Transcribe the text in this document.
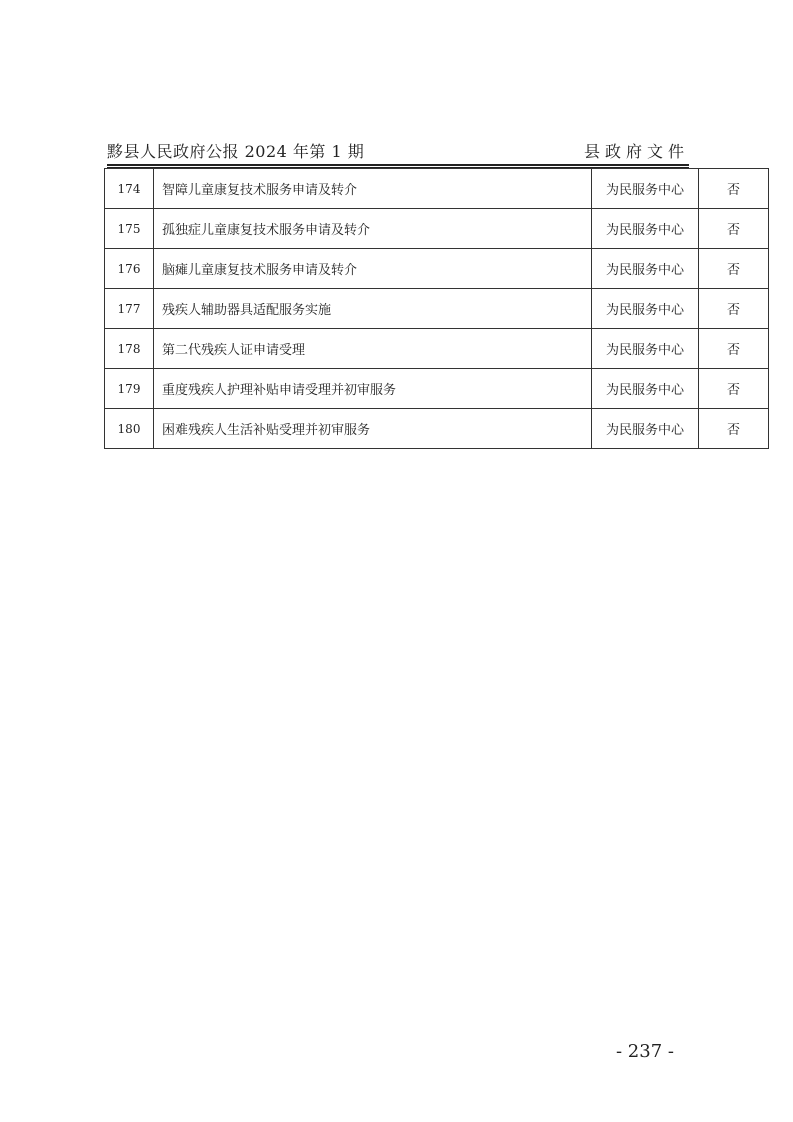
黟县人民政府公报 2024 年第 1 期	县政府文件
174	智障儿童康复技术服务申请及转介	为民服务中心	否
175	孤独症儿童康复技术服务申请及转介	为民服务中心	否
176	脑瘫儿童康复技术服务申请及转介	为民服务中心	否
177	残疾人辅助器具适配服务实施	为民服务中心	否
178	第二代残疾人证申请受理	为民服务中心	否
179	重度残疾人护理补贴申请受理并初审服务	为民服务中心	否
180	困难残疾人生活补贴受理并初审服务	为民服务中心	否
- 237 -
